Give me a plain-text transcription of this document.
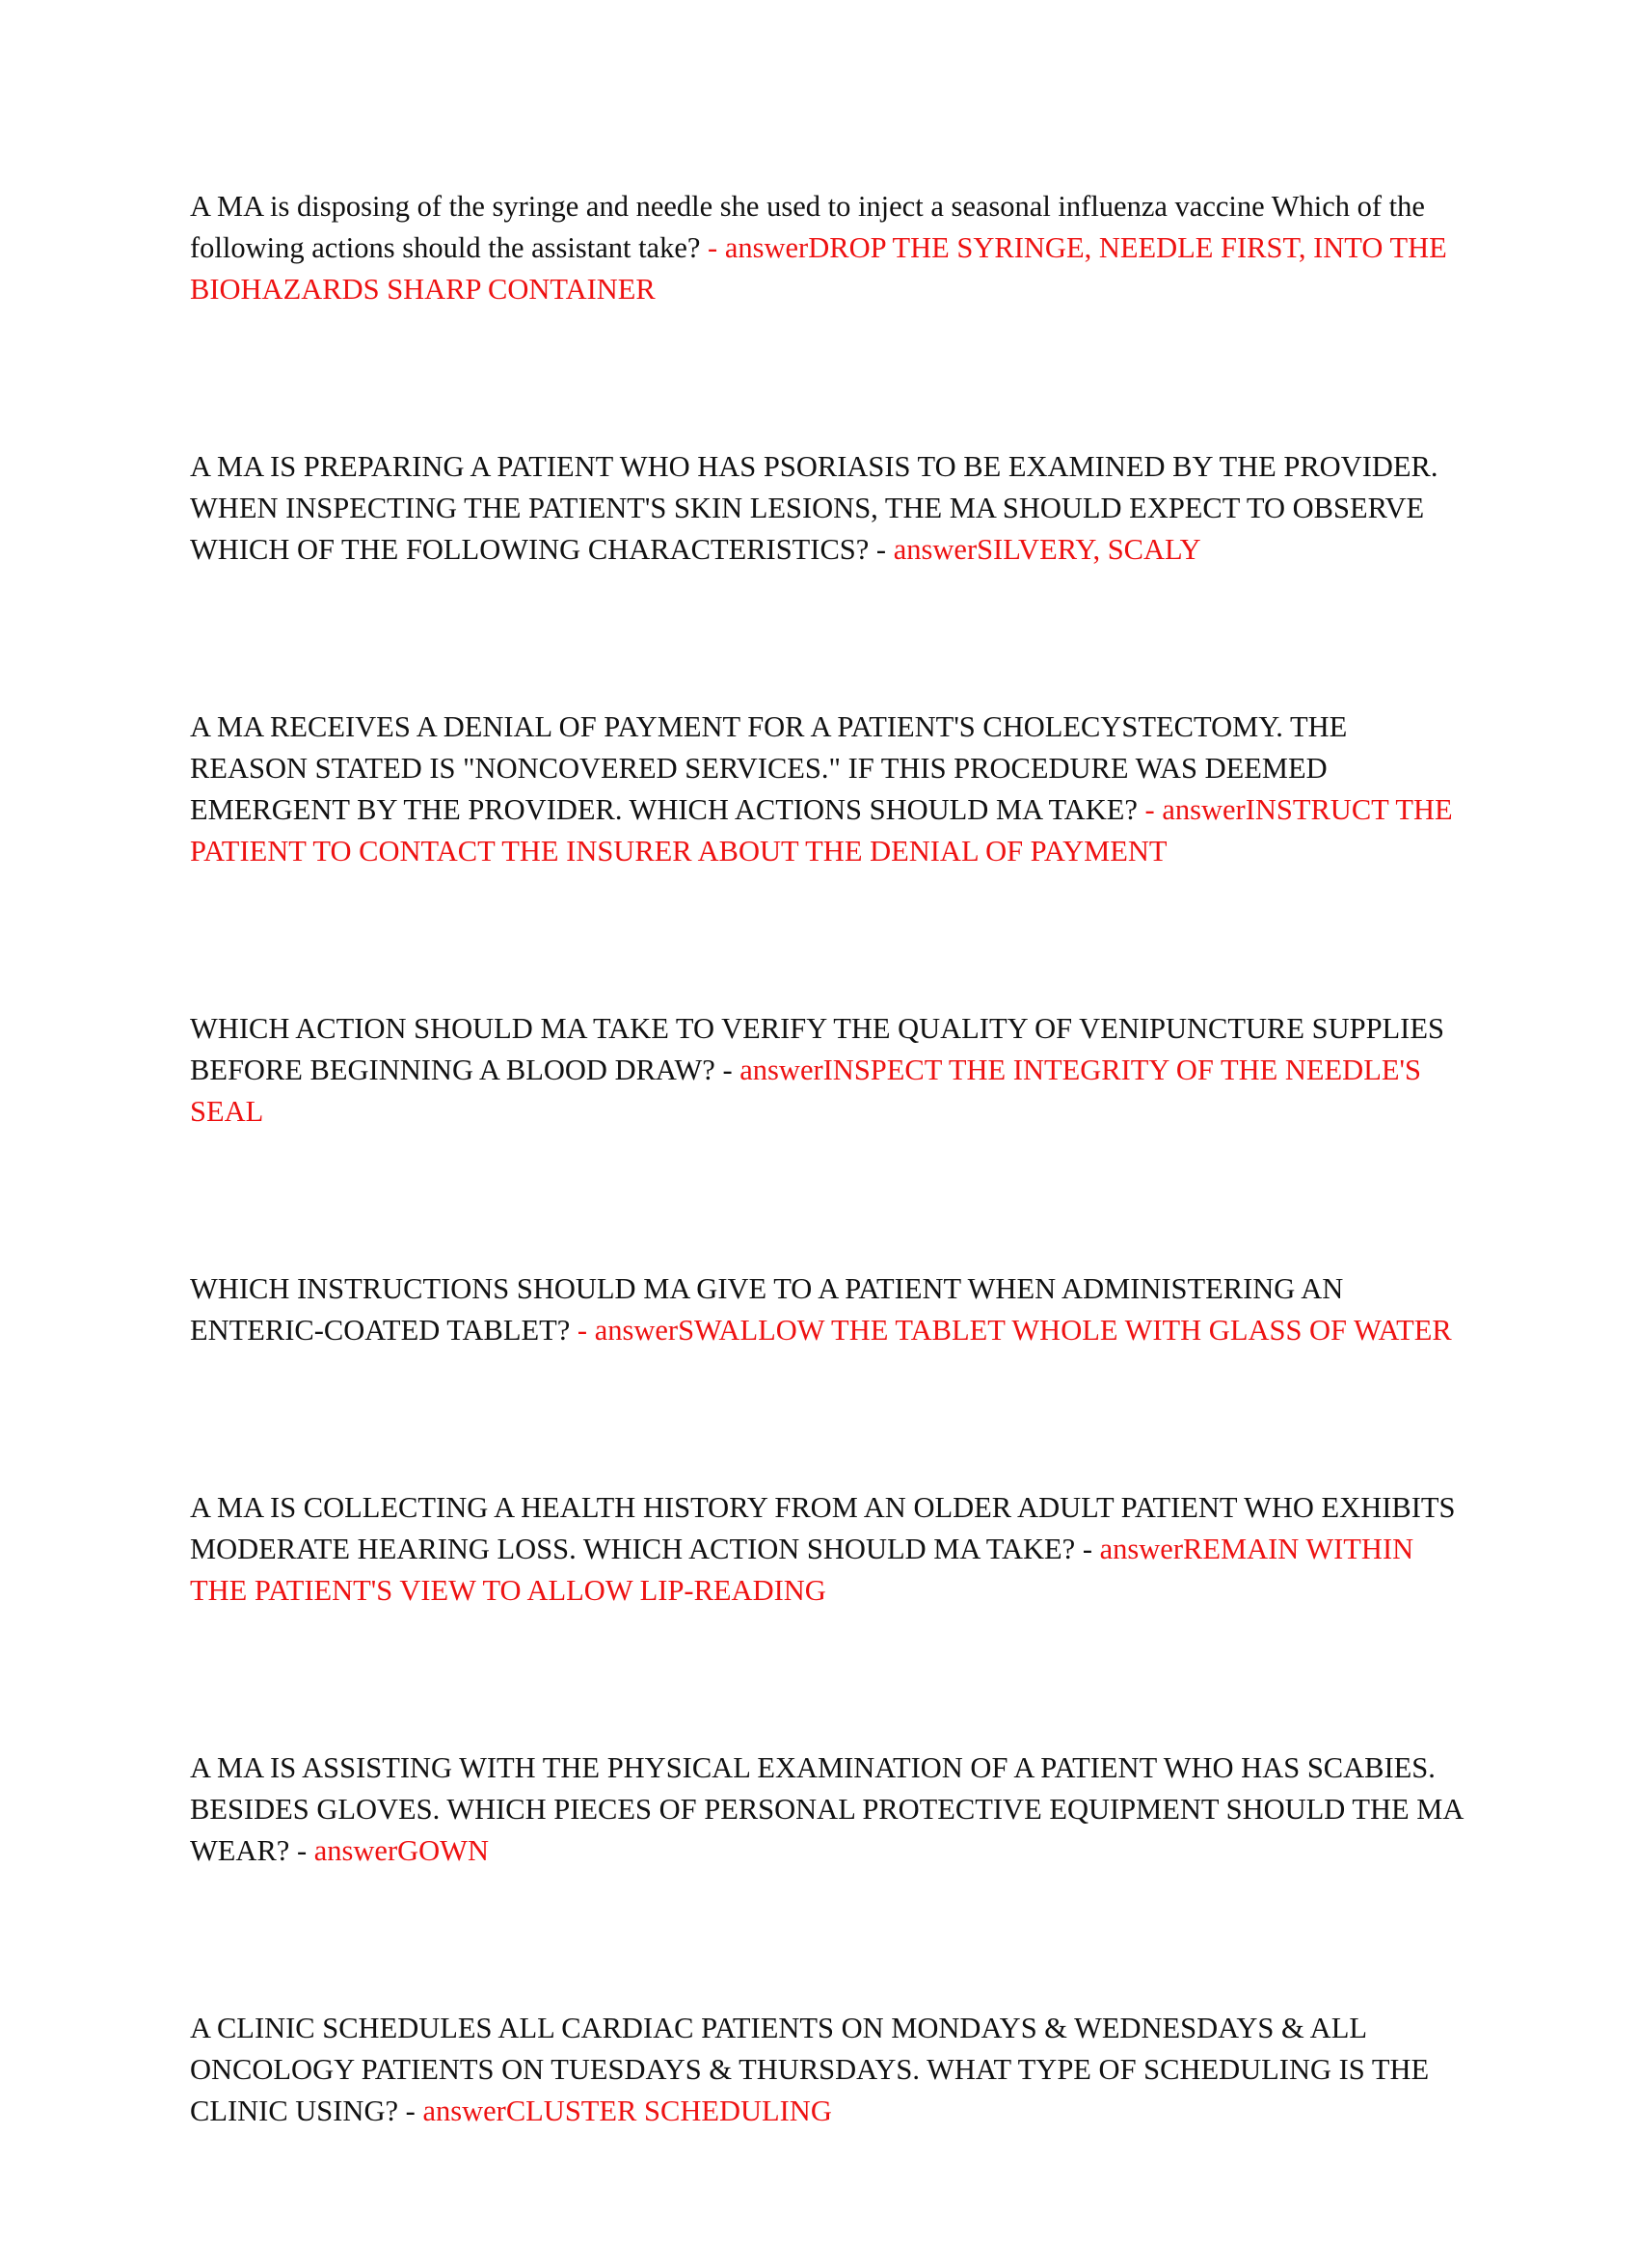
A MA is disposing of the syringe and needle she used to inject a seasonal influenza vaccine Which of the following actions should the assistant take? - answerDROP THE SYRINGE, NEEDLE FIRST, INTO THE BIOHAZARDS SHARP CONTAINER

A MA IS PREPARING A PATIENT WHO HAS PSORIASIS TO BE EXAMINED BY THE PROVIDER. WHEN INSPECTING THE PATIENT'S SKIN LESIONS, THE MA SHOULD EXPECT TO OBSERVE WHICH OF THE FOLLOWING CHARACTERISTICS? - answerSILVERY, SCALY

A MA RECEIVES A DENIAL OF PAYMENT FOR A PATIENT'S CHOLECYSTECTOMY. THE REASON STATED IS "NONCOVERED SERVICES." IF THIS PROCEDURE WAS DEEMED EMERGENT BY THE PROVIDER. WHICH ACTIONS SHOULD MA TAKE? - answerINSTRUCT THE PATIENT TO CONTACT THE INSURER ABOUT THE DENIAL OF PAYMENT

WHICH ACTION SHOULD MA TAKE TO VERIFY THE QUALITY OF VENIPUNCTURE SUPPLIES BEFORE BEGINNING A BLOOD DRAW? - answerINSPECT THE INTEGRITY OF THE NEEDLE'S SEAL

WHICH INSTRUCTIONS SHOULD MA GIVE TO A PATIENT WHEN ADMINISTERING AN ENTERIC-COATED TABLET? - answerSWALLOW THE TABLET WHOLE WITH GLASS OF WATER

A MA IS COLLECTING A HEALTH HISTORY FROM AN OLDER ADULT PATIENT WHO EXHIBITS MODERATE HEARING LOSS. WHICH ACTION SHOULD MA TAKE? - answerREMAIN WITHIN THE PATIENT'S VIEW TO ALLOW LIP-READING

A MA IS ASSISTING WITH THE PHYSICAL EXAMINATION OF A PATIENT WHO HAS SCABIES. BESIDES GLOVES. WHICH PIECES OF PERSONAL PROTECTIVE EQUIPMENT SHOULD THE MA WEAR? - answerGOWN

A CLINIC SCHEDULES ALL CARDIAC PATIENTS ON MONDAYS & WEDNESDAYS & ALL ONCOLOGY PATIENTS ON TUESDAYS & THURSDAYS. WHAT TYPE OF SCHEDULING IS THE CLINIC USING? - answerCLUSTER SCHEDULING
